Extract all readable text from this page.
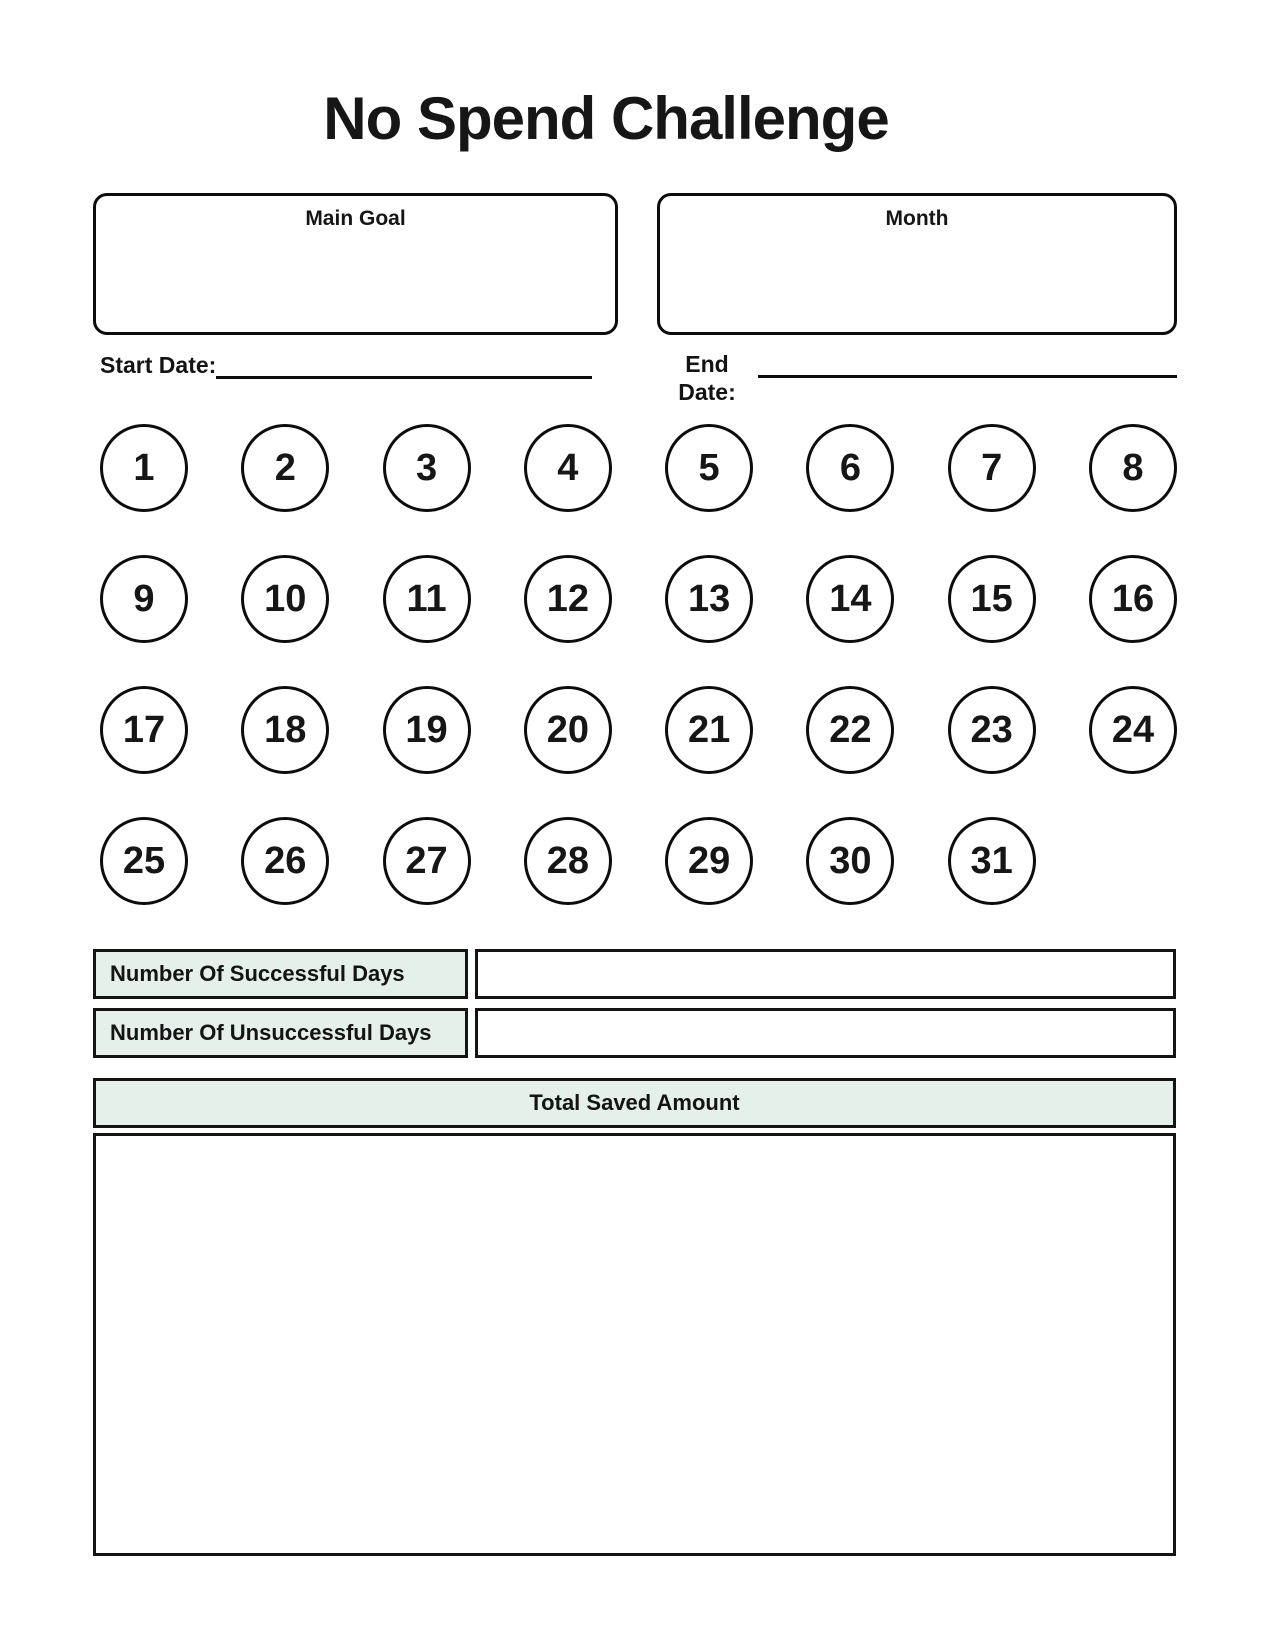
No Spend Challenge
Main Goal	Month
Start Date:	End Date:
1	2	3	4	5	6	7	8
9	10	11	12	13	14	15	16
17	18	19	20	21	22	23	24
25	26	27	28	29	30	31
Number Of Successful Days
Number Of Unsuccessful Days
Total Saved Amount
